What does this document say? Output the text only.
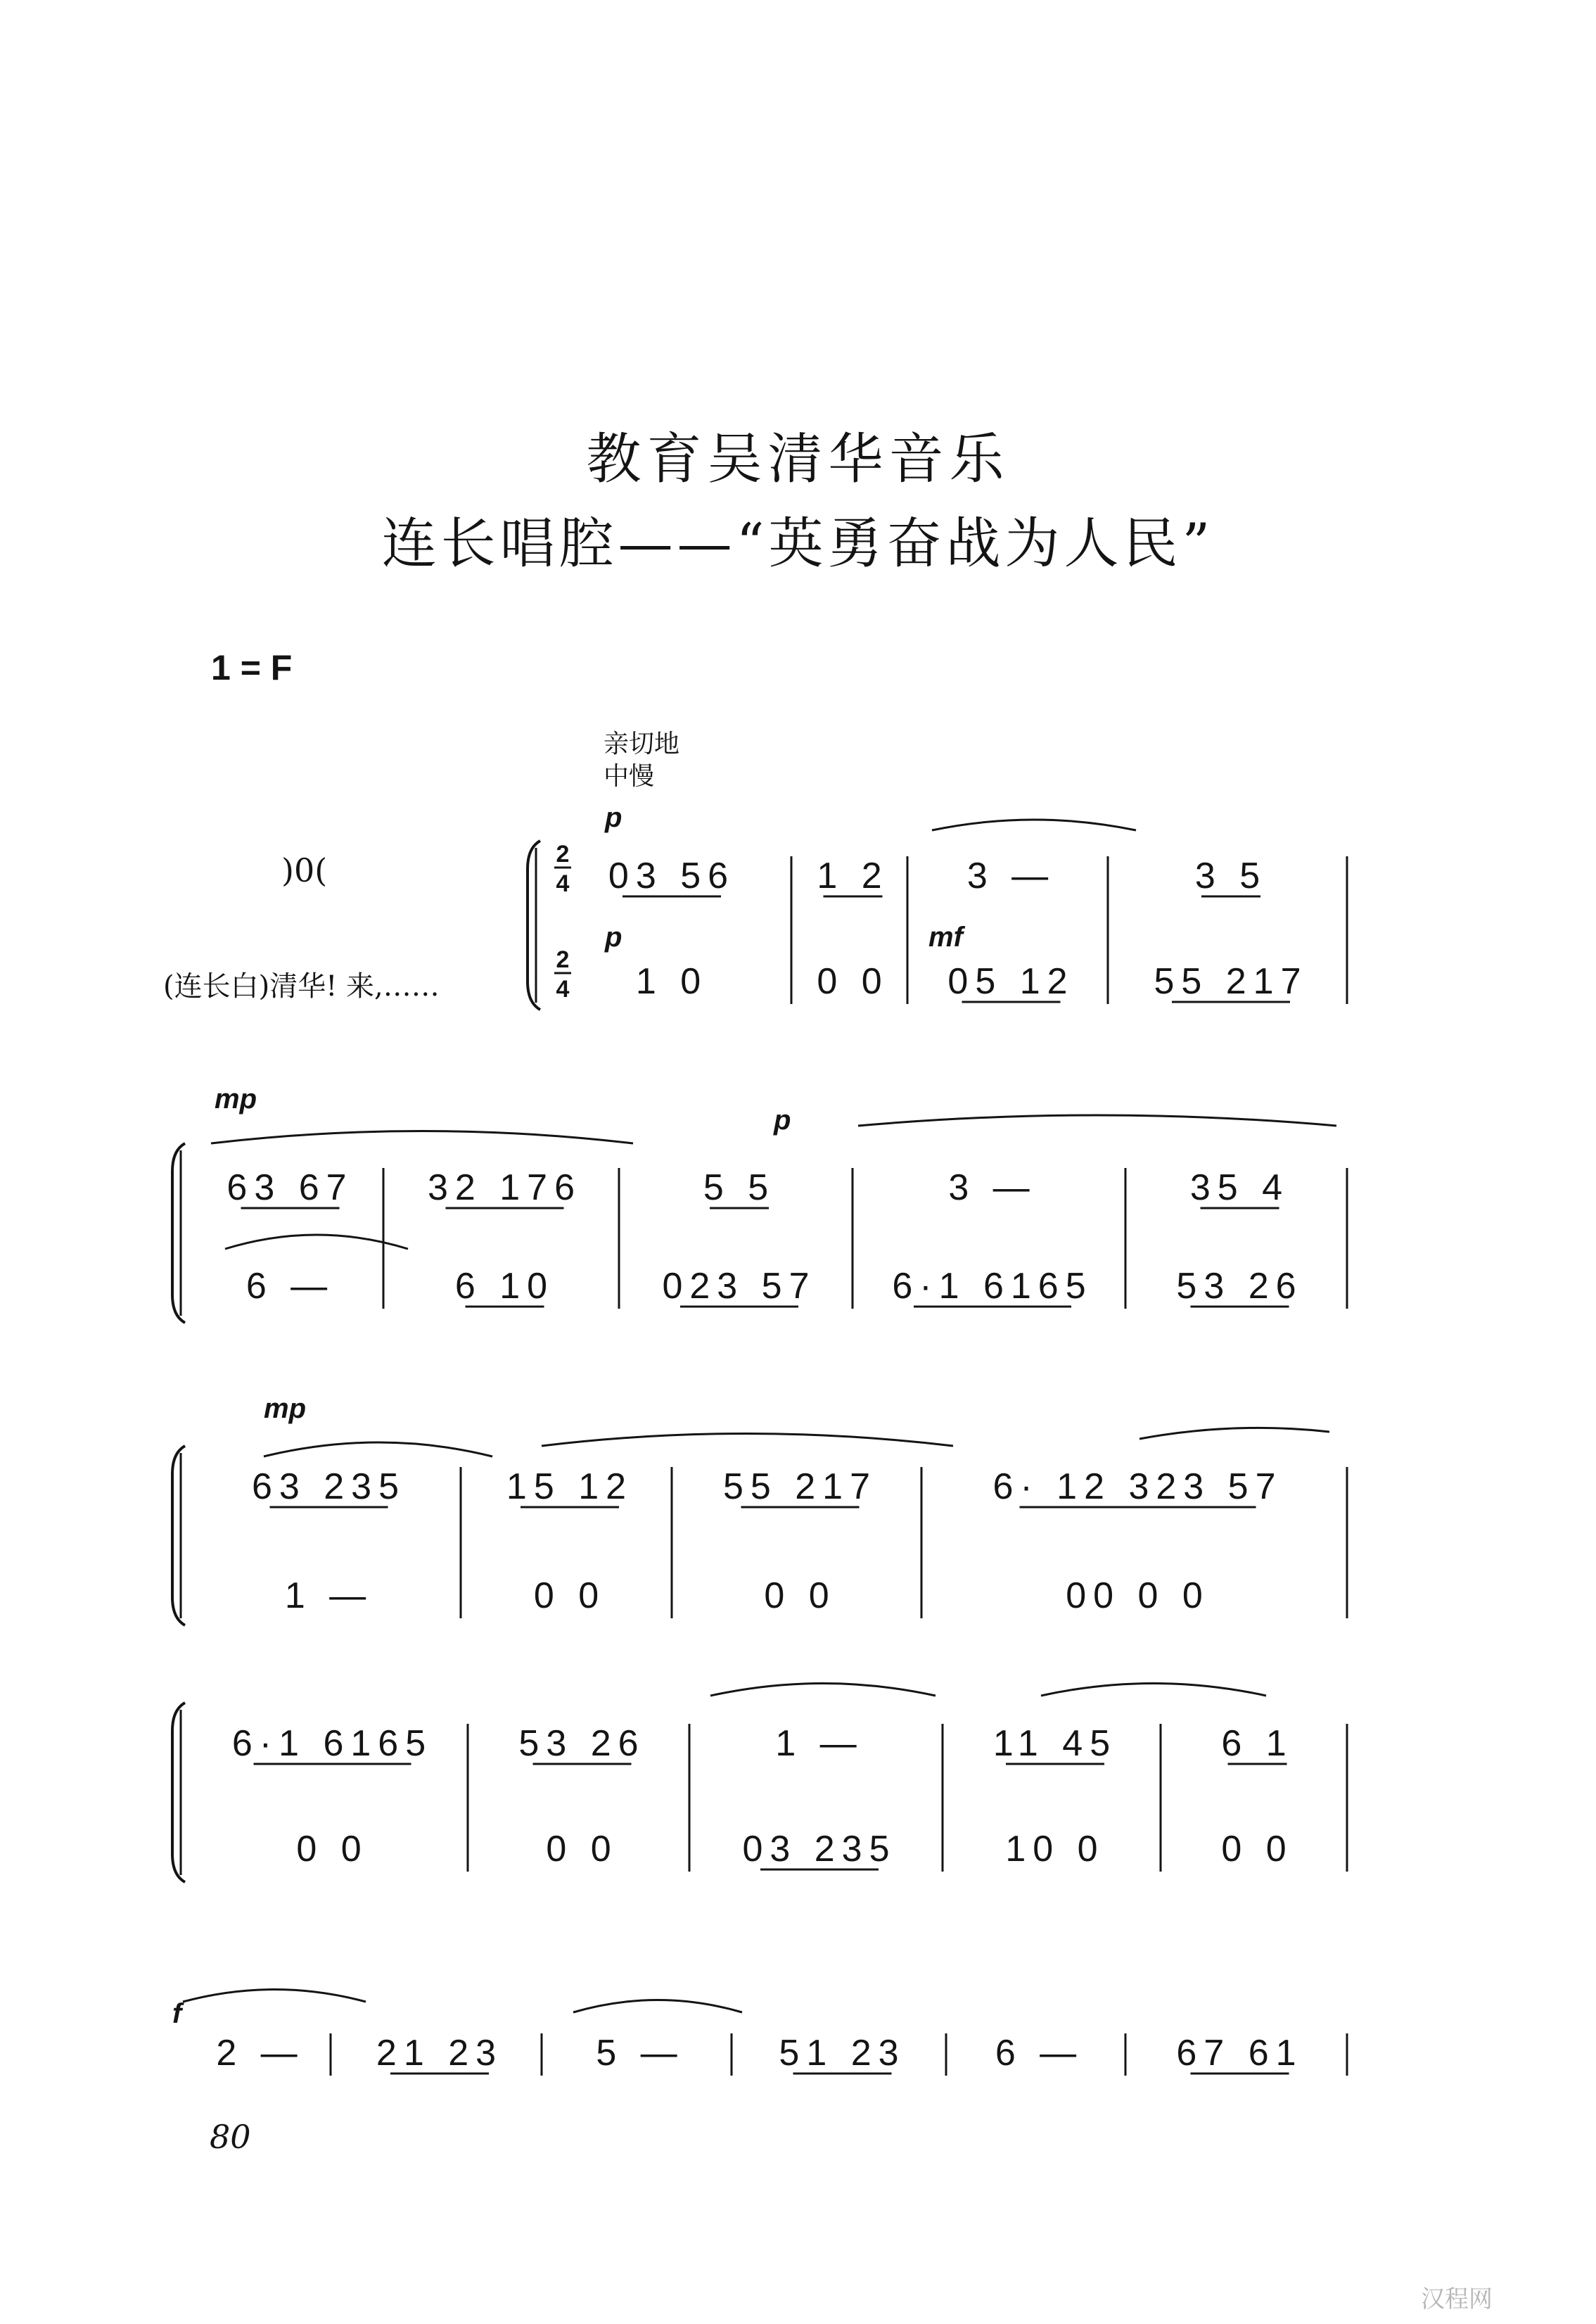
教育吴清华音乐
连长唱腔——“英勇奋战为人民”
1 = F
亲切地
中慢
)0(
(连长白)清华! 来,……
80
汉程网
03 56
1 0
1 2
0 0
3 —
05 12
3 5
55 217
63 67
6 —
32 176
6 10
5 5
023 57
3 —
6·1 6165
35 4
53 26
63 235
1 —
15 12
0 0
55 217
0 0
6· 12 323 57
00 0 0
6·1 6165
0 0
53 26
0 0
1 —
03 235
11 45
10 0
6 1
0 0
2 — 21 23	5 —	51 23 6 —	67 61
2
4
2
4
p
p	mf
mp
p
mp
f
